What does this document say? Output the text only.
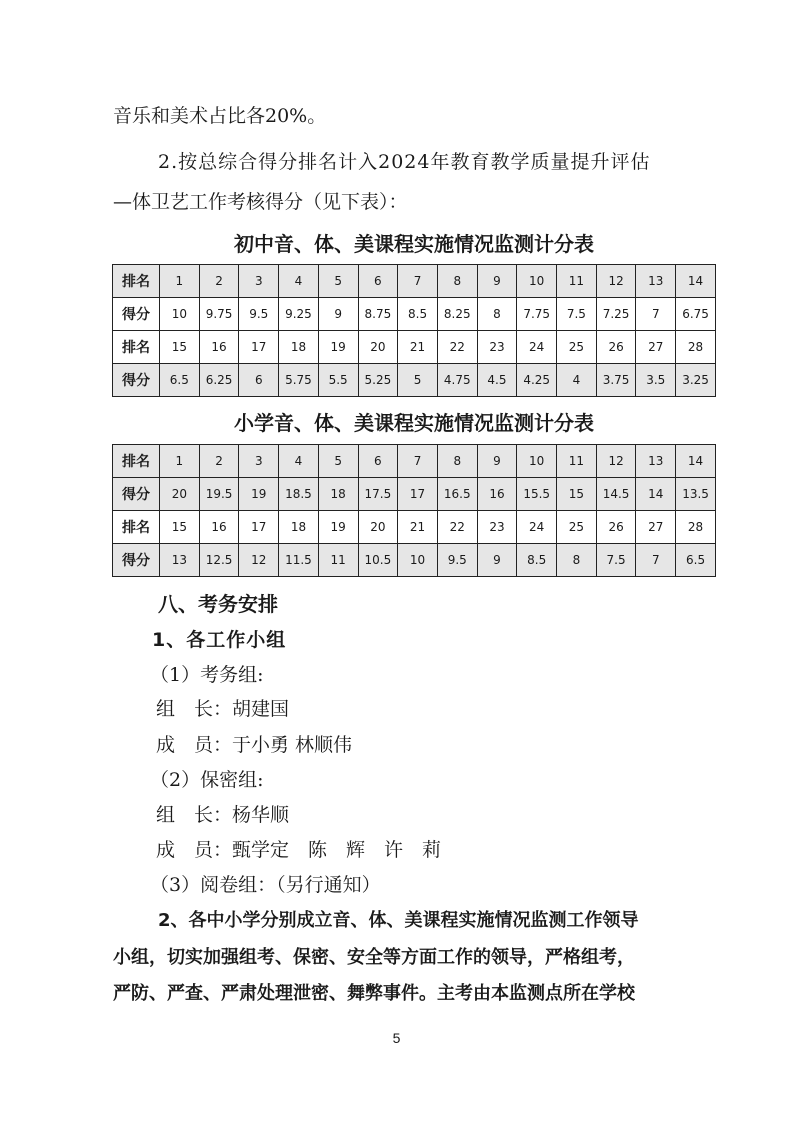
音乐和美术占比各20%。
2.按总综合得分排名计入2024年教育教学质量提升评估
—体卫艺工作考核得分（见下表）：
初中音、体、美课程实施情况监测计分表
排名	1	2	3	4	5	6	7	8	9	10	11	12	13	14
得分	10	9.75	9.5	9.25	9	8.75	8.5	8.25	8	7.75	7.5	7.25	7	6.75
排名	15	16	17	18	19	20	21	22	23	24	25	26	27	28
得分	6.5	6.25	6	5.75	5.5	5.25	5	4.75	4.5	4.25	4	3.75	3.5	3.25
小学音、体、美课程实施情况监测计分表
排名	1	2	3	4	5	6	7	8	9	10	11	12	13	14
得分	20	19.5	19	18.5	18	17.5	17	16.5	16	15.5	15	14.5	14	13.5
排名	15	16	17	18	19	20	21	22	23	24	25	26	27	28
得分	13	12.5	12	11.5	11	10.5	10	9.5	9	8.5	8	7.5	7	6.5
八、考务安排
1、各工作小组
（1）考务组:
组　长：胡建国
成　员：于小勇 林顺伟
（2）保密组:
组　长：杨华顺
成　员：甄学定　陈　辉　许　莉
（3）阅卷组：（另行通知）
2、各中小学分别成立音、体、美课程实施情况监测工作领导
小组，切实加强组考、保密、安全等方面工作的领导，严格组考，
严防、严查、严肃处理泄密、舞弊事件。主考由本监测点所在学校
5
